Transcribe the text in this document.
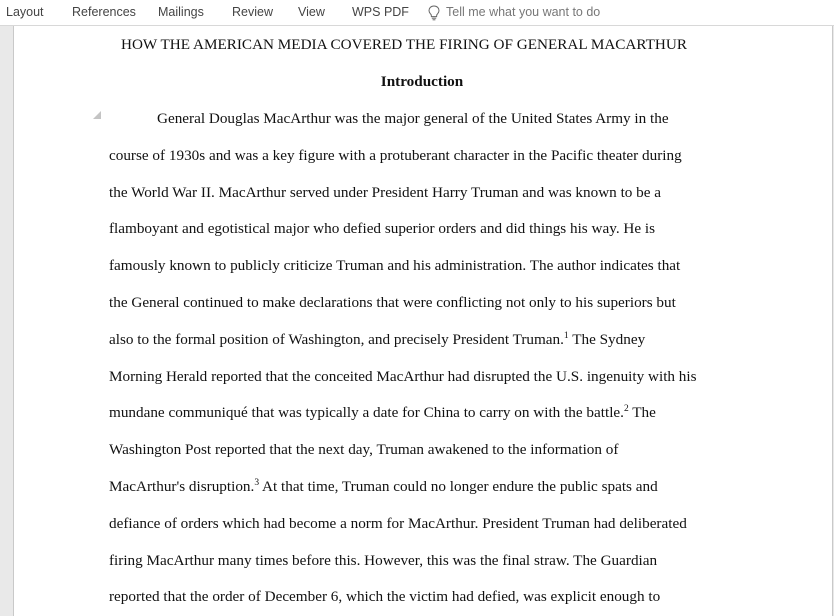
Layout References Mailings Review View WPS PDF	Tell me what you want to do
HOW THE AMERICAN MEDIA COVERED THE FIRING OF GENERAL MACARTHUR
Introduction
General Douglas MacArthur was the major general of the United States Army in the
course of 1930s and was a key figure with a protuberant character in the Pacific theater during
the World War II. MacArthur served under President Harry Truman and was known to be a
flamboyant and egotistical major who defied superior orders and did things his way. He is
famously known to publicly criticize Truman and his administration. The author indicates that
the General continued to make declarations that were conflicting not only to his superiors but
also to the formal position of Washington, and precisely President Truman.$^1$ The Sydney
Morning Herald reported that the conceited MacArthur had disrupted the U.S. ingenuity with his
mundane communiqué that was typically a date for China to carry on with the battle.$^2$ The
Washington Post reported that the next day, Truman awakened to the information of
MacArthur's disruption.$^3$ At that time, Truman could no longer endure the public spats and
defiance of orders which had become a norm for MacArthur. President Truman had deliberated
firing MacArthur many times before this. However, this was the final straw. The Guardian
reported that the order of December 6, which the victim had defied, was explicit enough to
